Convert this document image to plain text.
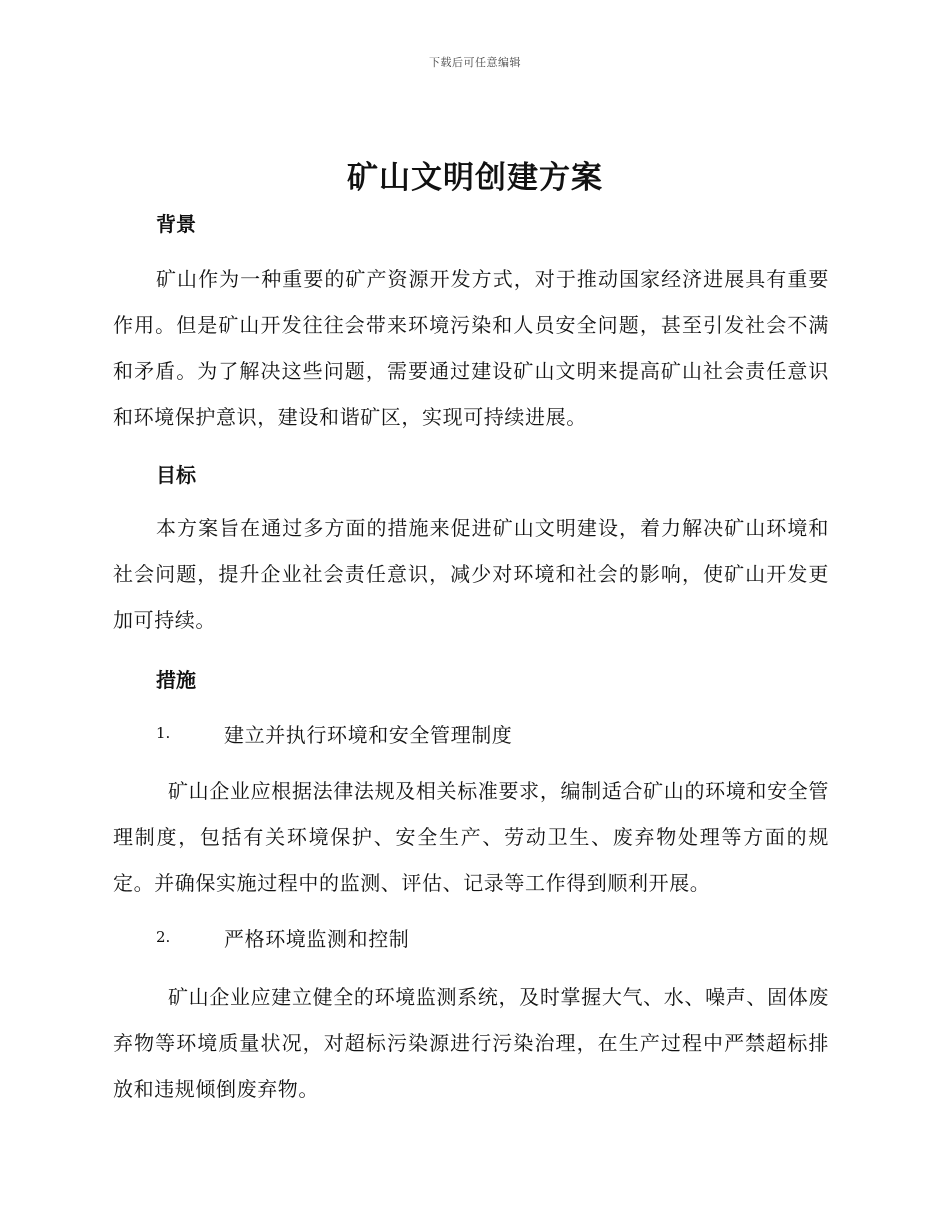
下载后可任意编辑
矿山文明创建方案
背景

矿山作为一种重要的矿产资源开发方式，对于推动国家经济进展具有重要作用。但是矿山开发往往会带来环境污染和人员安全问题，甚至引发社会不满和矛盾。为了解决这些问题，需要通过建设矿山文明来提高矿山社会责任意识和环境保护意识，建设和谐矿区，实现可持续进展。

目标

本方案旨在通过多方面的措施来促进矿山文明建设，着力解决矿山环境和社会问题，提升企业社会责任意识，减少对环境和社会的影响，使矿山开发更加可持续。

措施
1.	建立并执行环境和安全管理制度

矿山企业应根据法律法规及相关标准要求，编制适合矿山的环境和安全管理制度，包括有关环境保护、安全生产、劳动卫生、废弃物处理等方面的规定。并确保实施过程中的监测、评估、记录等工作得到顺利开展。

2.	严格环境监测和控制

矿山企业应建立健全的环境监测系统，及时掌握大气、水、噪声、固体废弃物等环境质量状况，对超标污染源进行污染治理，在生产过程中严禁超标排放和违规倾倒废弃物。
